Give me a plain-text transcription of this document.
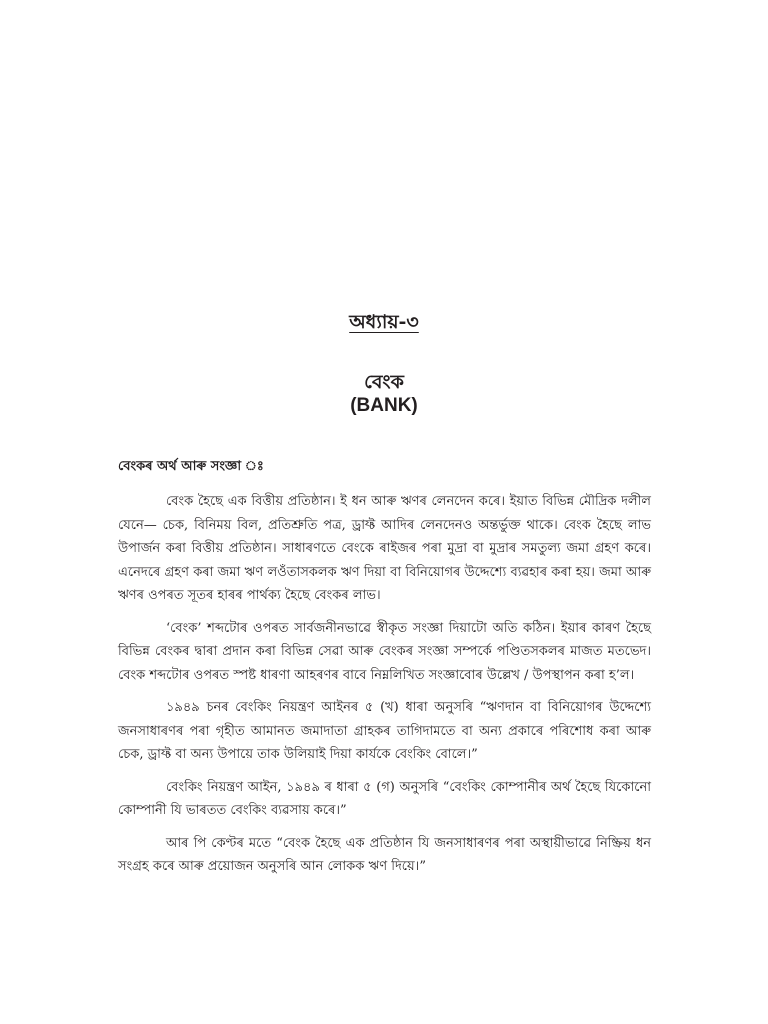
অধ্যায়-৩
বেংক
(BANK)
বেংকৰ অৰ্থ আৰু সংজ্ঞা ঃ

বেংক হৈছে এক বিত্তীয় প্ৰতিষ্ঠান। ই ধন আৰু ঋণৰ লেনদেন কৰে। ইয়াত বিভিন্ন মৌদ্ৰিক দলীল যেনে— চেক, বিনিময় বিল, প্ৰতিশ্ৰুতি পত্ৰ, ড্ৰাফ্ট আদিৰ লেনদেনও অন্তৰ্ভুক্ত থাকে। বেংক হৈছে লাভ উপাৰ্জন কৰা বিত্তীয় প্ৰতিষ্ঠান। সাধাৰণতে বেংকে ৰাইজৰ পৰা মুদ্ৰা বা মুদ্ৰাৰ সমতুল্য জমা গ্ৰহণ কৰে। এনেদৰে গ্ৰহণ কৰা জমা ঋণ লওঁতাসকলক ঋণ দিয়া বা বিনিয়োগৰ উদ্দেশ্যে ব্যৱহাৰ কৰা হয়। জমা আৰু ঋণৰ ওপৰত সূতৰ হাৰৰ পাৰ্থক্য হৈছে বেংকৰ লাভ।

‘বেংক’ শব্দটোৰ ওপৰত সাৰ্বজনীনভাৱে স্বীকৃত সংজ্ঞা দিয়াটো অতি কঠিন। ইয়াৰ কাৰণ হৈছে বিভিন্ন বেংকৰ দ্বাৰা প্ৰদান কৰা বিভিন্ন সেৱা আৰু বেংকৰ সংজ্ঞা সম্পৰ্কে পণ্ডিতসকলৰ মাজত মতভেদ। বেংক শব্দটোৰ ওপৰত স্পষ্ট ধাৰণা আহৰণৰ বাবে নিম্নলিখিত সংজ্ঞাবোৰ উল্লেখ / উপস্থাপন কৰা হ’ল।

১৯৪৯ চনৰ বেংকিং নিয়ন্ত্ৰণ আইনৰ ৫ (খ) ধাৰা অনুসৰি “ঋণদান বা বিনিয়োগৰ উদ্দেশ্যে জনসাধাৰণৰ পৰা গৃহীত আমানত জমাদাতা গ্ৰাহকৰ তাগিদামতে বা অন্য প্ৰকাৰে পৰিশোধ কৰা আৰু চেক, ড্ৰাফ্ট বা অন্য উপায়ে তাক উলিয়াই দিয়া কাৰ্যকে বেংকিং বোলে।”

বেংকিং নিয়ন্ত্ৰণ আইন, ১৯৪৯ ৰ ধাৰা ৫ (গ) অনুসৰি “বেংকিং কোম্পানীৰ অৰ্থ হৈছে যিকোনো কোম্পানী যি ভাৰতত বেংকিং ব্যৱসায় কৰে।”

আৰ পি কেণ্টৰ মতে “বেংক হৈছে এক প্ৰতিষ্ঠান যি জনসাধাৰণৰ পৰা অস্থায়ীভাৱে নিষ্ক্ৰিয় ধন সংগ্ৰহ কৰে আৰু প্ৰয়োজন অনুসৰি আন লোকক ঋণ দিয়ে।”
